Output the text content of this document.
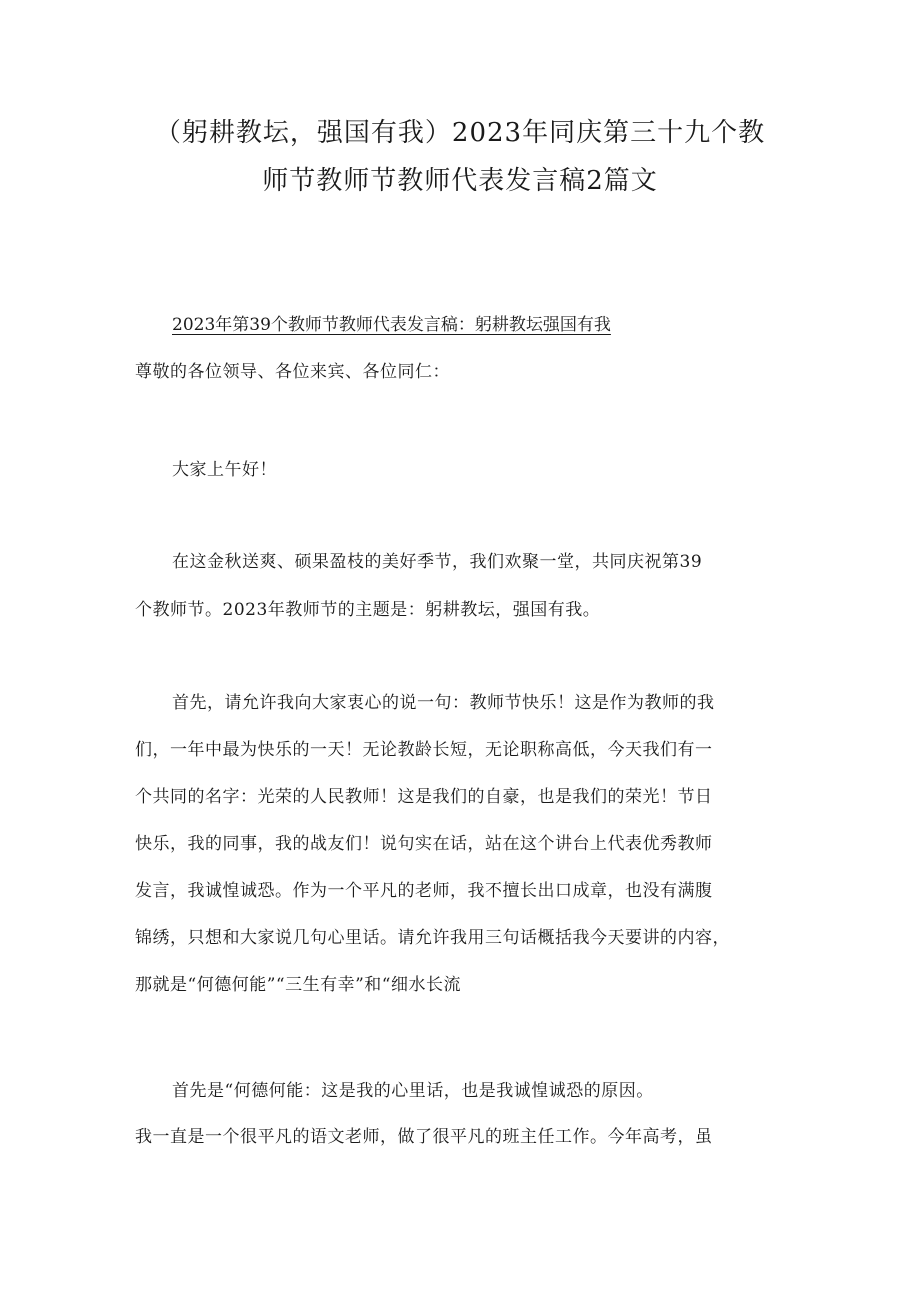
（躬耕教坛，强国有我）2023年同庆第三十九个教
师节教师节教师代表发言稿2篇文
2023年第39个教师节教师代表发言稿：躬耕教坛强国有我
尊敬的各位领导、各位来宾、各位同仁：
大家上午好！
在这金秋送爽、硕果盈枝的美好季节，我们欢聚一堂，共同庆祝第39
个教师节。2023年教师节的主题是：躬耕教坛，强国有我。
首先，请允许我向大家衷心的说一句：教师节快乐！这是作为教师的我
们，一年中最为快乐的一天！无论教龄长短，无论职称高低，今天我们有一
个共同的名字：光荣的人民教师！这是我们的自豪，也是我们的荣光！节日
快乐，我的同事，我的战友们！说句实在话，站在这个讲台上代表优秀教师
发言，我诚惶诚恐。作为一个平凡的老师，我不擅长出口成章，也没有满腹
锦绣，只想和大家说几句心里话。请允许我用三句话概括我今天要讲的内容，
那就是“何德何能”“三生有幸”和“细水长流
首先是“何德何能：这是我的心里话，也是我诚惶诚恐的原因。
我一直是一个很平凡的语文老师，做了很平凡的班主任工作。今年高考，虽
